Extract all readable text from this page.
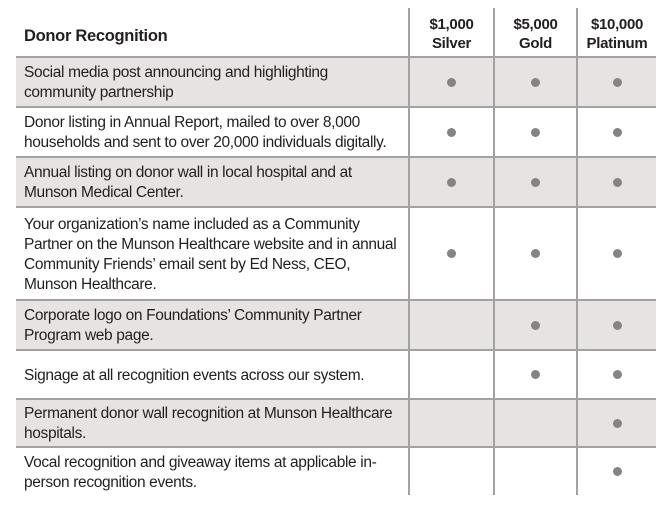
Donor Recognition
$1,000
Silver
$5,000
Gold
$10,000
Platinum
Social media post announcing and highlighting community partnership
Donor listing in Annual Report, mailed to over 8,000 households and sent to over 20,000 individuals digitally.
Annual listing on donor wall in local hospital and at Munson Medical Center.
Your organization’s name included as a Community Partner on the Munson Healthcare website and in annual Community Friends’ email sent by Ed Ness, CEO, Munson Healthcare.
Corporate logo on Foundations’ Community Partner Program web page.
Signage at all recognition events across our system.
Permanent donor wall recognition at Munson Healthcare hospitals.
Vocal recognition and giveaway items at applicable in-person recognition events.
